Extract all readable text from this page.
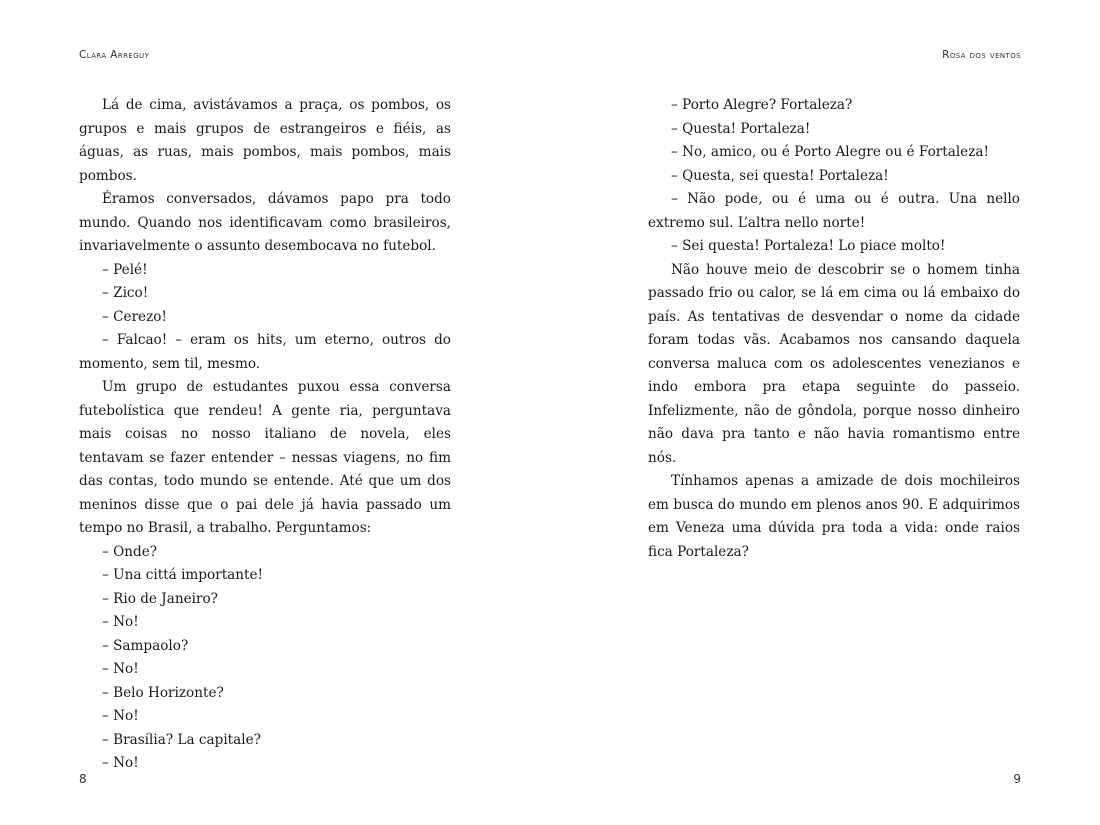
Clara Arreguy

Lá de cima, avistávamos a praça, os pombos, os grupos e mais grupos de estrangeiros e fiéis, as águas, as ruas, mais pombos, mais pombos, mais pombos.

Éramos conversados, dávamos papo pra todo mundo. Quando nos identificavam como brasileiros, invariavelmente o assunto desembocava no futebol.

– Pelé!

– Zico!

– Cerezo!

– Falcao! – eram os hits, um eterno, outros do momento, sem til, mesmo.

Um grupo de estudantes puxou essa conversa futebolística que rendeu! A gente ria, perguntava mais coisas no nosso italiano de novela, eles tentavam se fazer entender – nessas viagens, no fim das contas, todo mundo se entende. Até que um dos meninos disse que o pai dele já havia passado um tempo no Brasil, a trabalho. Perguntamos:

– Onde?

– Una cittá importante!

– Rio de Janeiro?

– No!

– Sampaolo?

– No!

– Belo Horizonte?

– No!

– Brasília? La capitale?

– No!

8
Rosa dos ventos

– Porto Alegre? Fortaleza?

– Questa! Portaleza!

– No, amico, ou é Porto Alegre ou é Fortaleza!

– Questa, sei questa! Portaleza!

– Não pode, ou é uma ou é outra. Una nello extremo sul. L’altra nello norte!

– Sei questa! Portaleza! Lo piace molto!

Não houve meio de descobrir se o homem tinha passado frio ou calor, se lá em cima ou lá embaixo do país. As tentativas de desvendar o nome da cidade foram todas vãs. Acabamos nos cansando daquela conversa maluca com os adolescentes venezianos e indo embora pra etapa seguinte do passeio. Infelizmente, não de gôndola, porque nosso dinheiro não dava pra tanto e não havia romantismo entre nós.

Tínhamos apenas a amizade de dois mochileiros em busca do mundo em plenos anos 90. E adquirimos em Veneza uma dúvida pra toda a vida: onde raios fica Portaleza?

9
